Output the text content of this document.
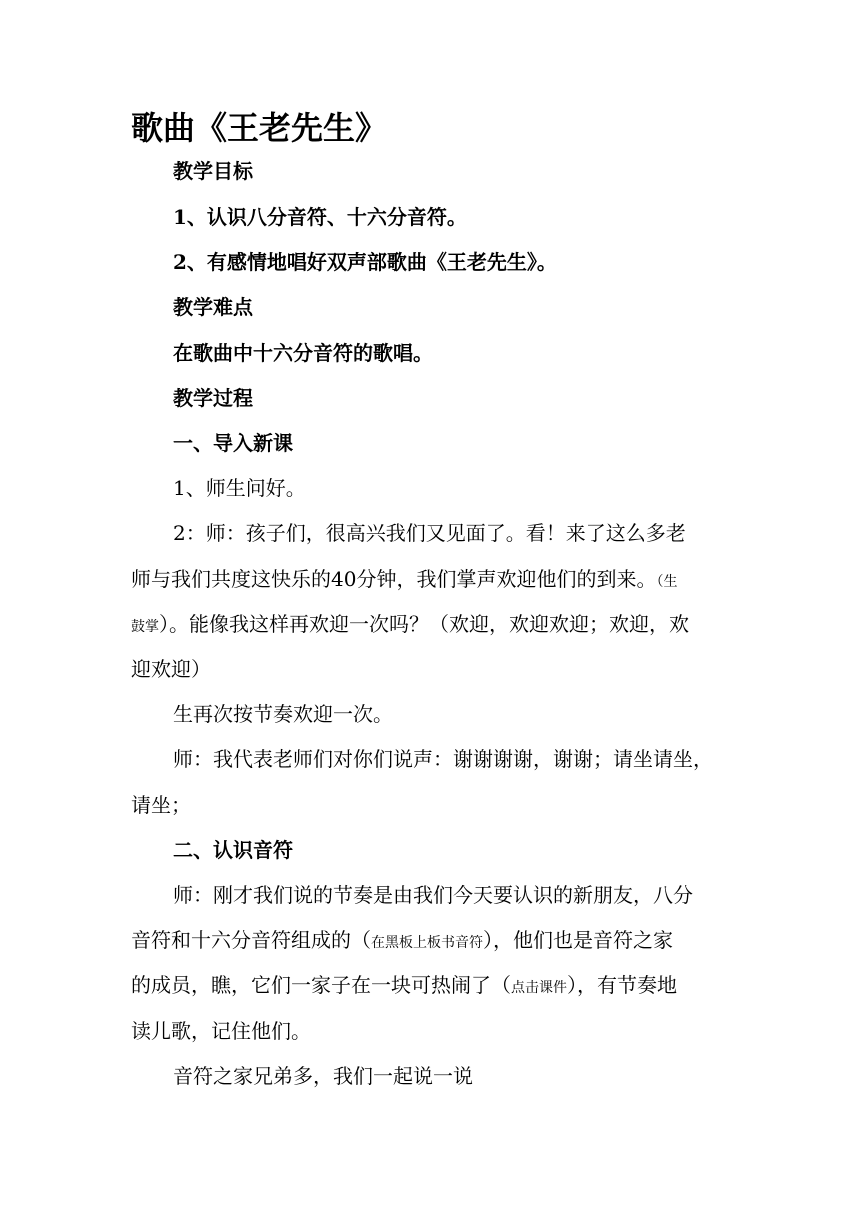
歌曲《王老先生》
教学目标
1、认识八分音符、十六分音符。
2、有感情地唱好双声部歌曲《王老先生》。
教学难点
在歌曲中十六分音符的歌唱。
教学过程
一、导入新课
1、师生问好。
2：师：孩子们，很高兴我们又见面了。看！来了这么多老
师与我们共度这快乐的40分钟，我们掌声欢迎他们的到来。（生
鼓掌）。能像我这样再欢迎一次吗？（欢迎，欢迎欢迎；欢迎，欢
迎欢迎）
生再次按节奏欢迎一次。
师：我代表老师们对你们说声：谢谢谢谢，谢谢；请坐请坐，
请坐；
二、认识音符
师：刚才我们说的节奏是由我们今天要认识的新朋友，八分
音符和十六分音符组成的（在黑板上板书音符），他们也是音符之家
的成员，瞧，它们一家子在一块可热闹了（点击课件），有节奏地
读儿歌，记住他们。
音符之家兄弟多，我们一起说一说
